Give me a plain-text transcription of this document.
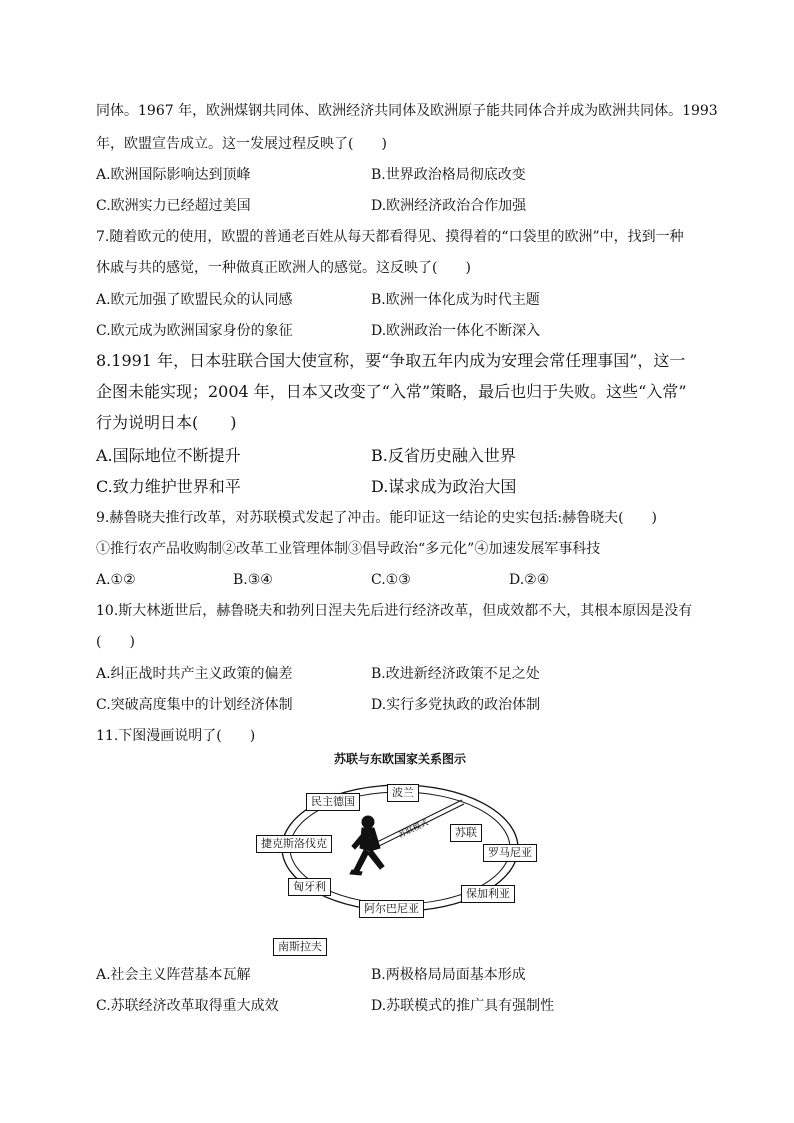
同体。1967 年，欧洲煤钢共同体、欧洲经济共同体及欧洲原子能共同体合并成为欧洲共同体。1993
年，欧盟宣告成立。这一发展过程反映了(　　)
A.欧洲国际影响达到顶峰	B.世界政治格局彻底改变
C.欧洲实力已经超过美国	D.欧洲经济政治合作加强
7.随着欧元的使用，欧盟的普通老百姓从每天都看得见、摸得着的“口袋里的欧洲”中，找到一种
休戚与共的感觉，一种做真正欧洲人的感觉。这反映了(　　)
A.欧元加强了欧盟民众的认同感	B.欧洲一体化成为时代主题
C.欧元成为欧洲国家身份的象征	D.欧洲政治一体化不断深入
8.1991 年，日本驻联合国大使宣称，要“争取五年内成为安理会常任理事国”，这一
企图未能实现；2004 年，日本又改变了“入常”策略，最后也归于失败。这些“入常”
行为说明日本(　　)
A.国际地位不断提升	B.反省历史融入世界
C.致力维护世界和平	D.谋求成为政治大国
9.赫鲁晓夫推行改革，对苏联模式发起了冲击。能印证这一结论的史实包括:赫鲁晓夫(　　)
①推行农产品收购制②改革工业管理体制③倡导政治“多元化”④加速发展军事科技
A.①②	B.③④	C.①③	D.②④
10.斯大林逝世后，赫鲁晓夫和勃列日涅夫先后进行经济改革，但成效都不大，其根本原因是没有
(　　)
A.纠正战时共产主义政策的偏差	B.改进新经济政策不足之处
C.突破高度集中的计划经济体制	D.实行多党执政的政治体制
11.下图漫画说明了(　　)
苏联与东欧国家关系图示
苏联模式
民主德国
波兰
苏联
捷克斯洛伐克
罗马尼亚
匈牙利
保加利亚
阿尔巴尼亚
南斯拉夫
A.社会主义阵营基本瓦解	B.两极格局局面基本形成
C.苏联经济改革取得重大成效	D.苏联模式的推广具有强制性
